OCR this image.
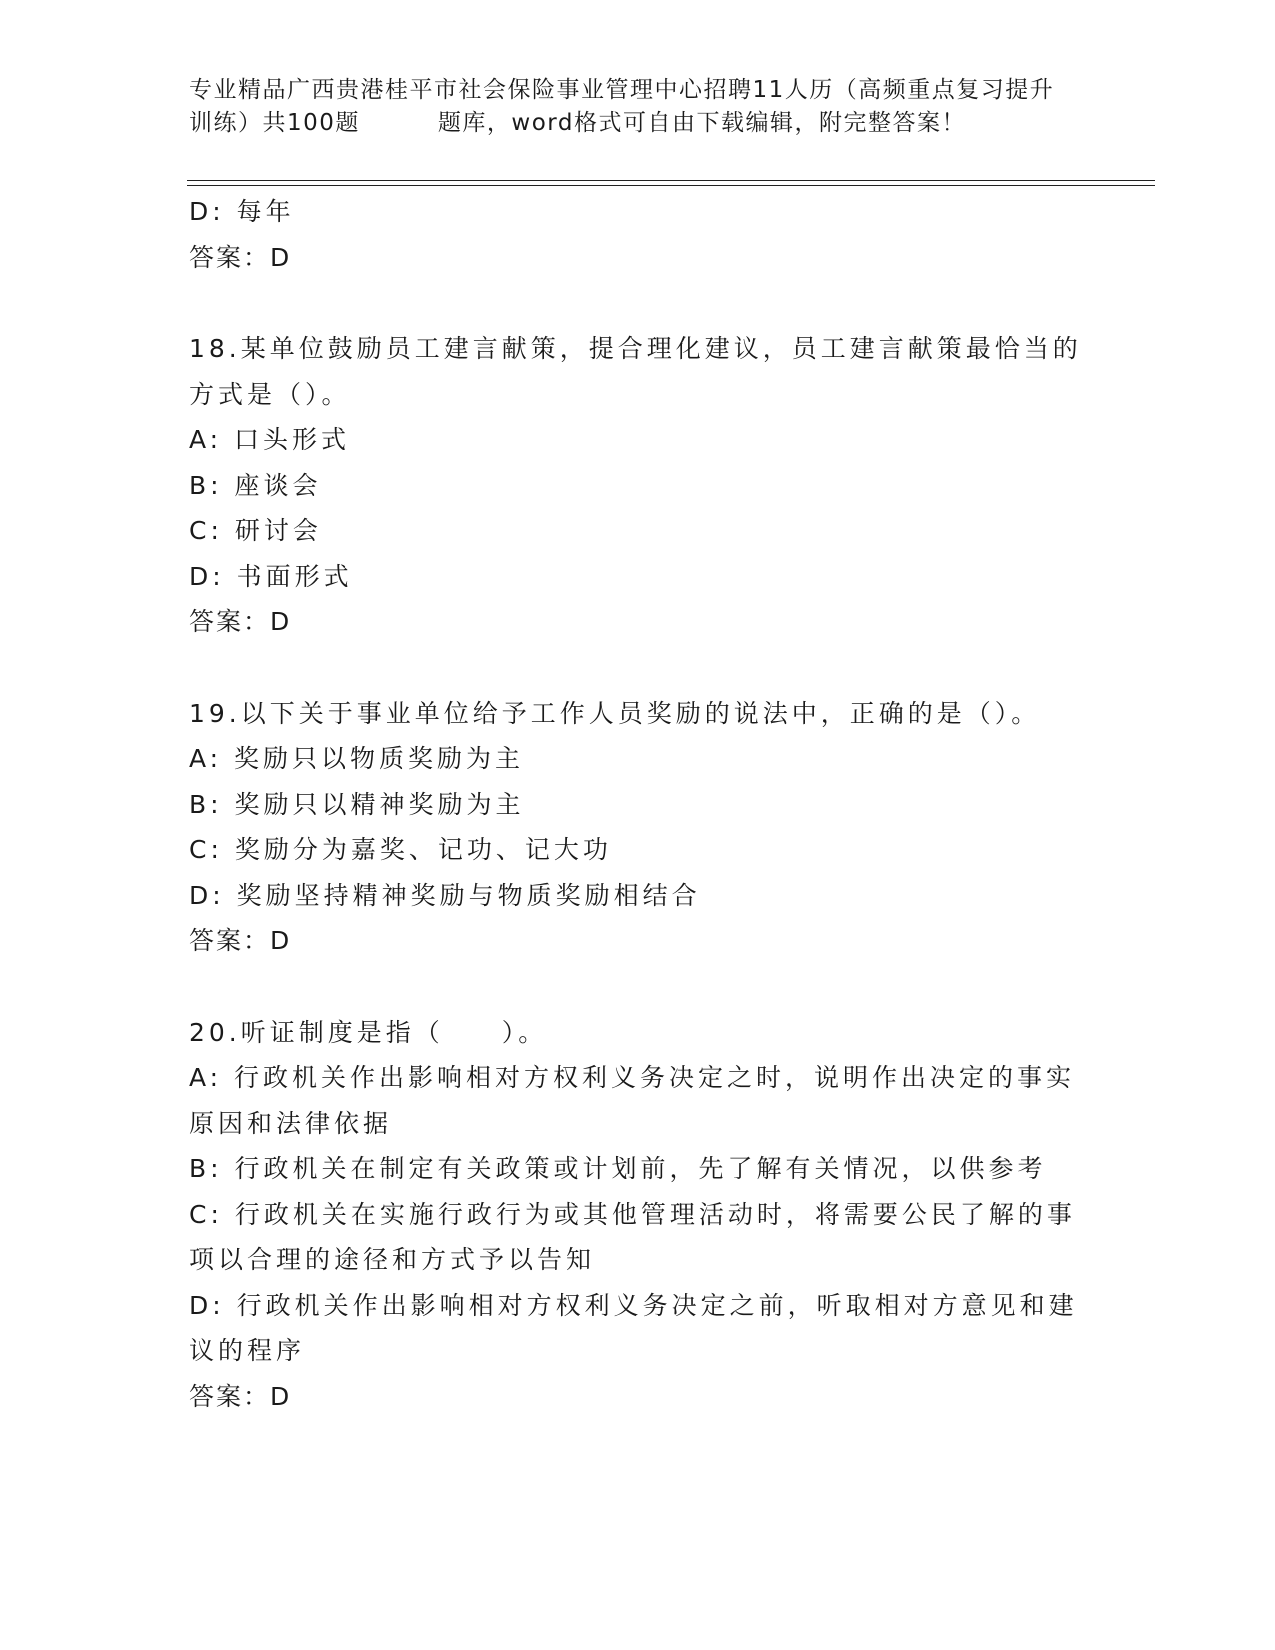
专业精品广西贵港桂平市社会保险事业管理中心招聘11人历（高频重点复习提升
训练）共100题	题库，word格式可自由下载编辑，附完整答案！
D: 每年
答案：D
18.某单位鼓励员工建言献策，提合理化建议，员工建言献策最恰当的
方式是（）。
A: 口头形式
B: 座谈会
C: 研讨会
D: 书面形式
答案：D
19.以下关于事业单位给予工作人员奖励的说法中，正确的是（）。
A: 奖励只以物质奖励为主
B: 奖励只以精神奖励为主
C: 奖励分为嘉奖、记功、记大功
D: 奖励坚持精神奖励与物质奖励相结合
答案：D
20.听证制度是指（　　）。
A: 行政机关作出影响相对方权利义务决定之时，说明作出决定的事实
原因和法律依据
B: 行政机关在制定有关政策或计划前，先了解有关情况，以供参考
C: 行政机关在实施行政行为或其他管理活动时，将需要公民了解的事
项以合理的途径和方式予以告知
D: 行政机关作出影响相对方权利义务决定之前，听取相对方意见和建
议的程序
答案：D
